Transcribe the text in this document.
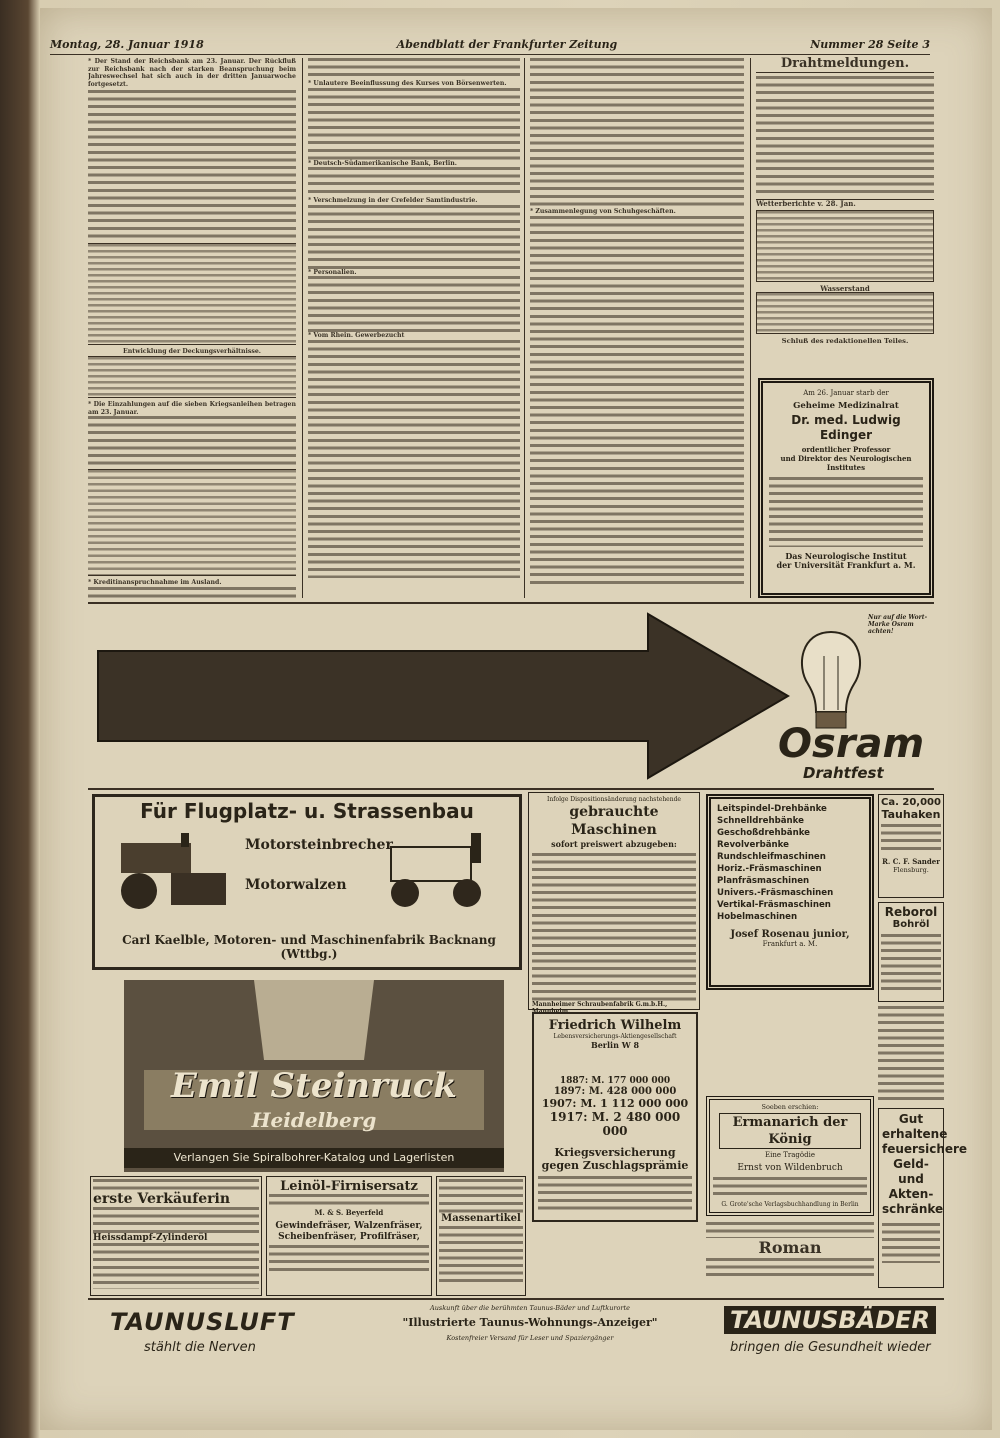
Montag, 28. Januar 1918	Abendblatt der Frankfurter Zeitung	Nummer 28 Seite 3
* Der Stand der Reichsbank am 23. Januar. Der Rückfluß zur Reichsbank nach der starken Beanspruchung beim Jahreswechsel hat sich auch in der dritten Januarwoche fortgesetzt.
Entwicklung der Deckungsverhältnisse.
* Die Einzahlungen auf die sieben Kriegsanleihen betragen am 23. Januar.
* Kreditinanspruchnahme im Ausland.
* Unlautere Beeinflussung des Kurses von Börsenwerten.
* Deutsch-Südamerikanische Bank, Berlin.
* Verschmelzung in der Crefelder Samtindustrie.
* Personalien.
* Vom Rhein. Gewerbezucht
* Zusammenlegung von Schuhgeschäften.
Drahtmeldungen.
Wetterberichte v. 28. Jan.
Wasserstand
Schluß des redaktionellen Teiles.
Am 26. Januar starb der
Geheime Medizinalrat
Dr. med. Ludwig Edinger
ordentlicher Professor
und Direktor des Neurologischen Institutes
Das Neurologische Institut
der Universität Frankfurt a. M.
Nur auf die Wort-Marke Osram achten!
Osram
Drahtfest
Für Flugplatz- u. Strassenbau
Motorsteinbrecher
Motorwalzen
Carl Kaelble, Motoren- und Maschinenfabrik Backnang (Wttbg.)
Emil Steinruck
Heidelberg
Verlangen Sie Spiralbohrer-Katalog und Lagerlisten
Infolge Dispositionsänderung nachstehende
gebrauchte Maschinen
sofort preiswert abzugeben:
Mannheimer Schraubenfabrik G.m.b.H., Mannheim.
Friedrich Wilhelm
Lebensversicherungs-Aktiengesellschaft
Berlin W 8
1887: M. 177 000 000
1897: M. 428 000 000
1907: M. 1 112 000 000
1917: M. 2 480 000 000
Kriegsversicherung
gegen Zuschlagsprämie
Leitspindel-Drehbänke
Schnelldrehbänke
Geschoßdrehbänke
Revolverbänke
Rundschleifmaschinen
Horiz.-Fräsmaschinen
Planfräsmaschinen
Univers.-Fräsmaschinen
Vertikal-Fräsmaschinen
Hobelmaschinen
Josef Rosenau junior,
Frankfurt a. M.
Ca. 20,000
Tauhaken
R. C. F. Sander
Flensburg.
Reborol
Bohröl
Soeben erschien:
Ermanarich der König
Eine Tragödie
Ernst von Wildenbruch
G. Grote'sche Verlagsbuchhandlung in Berlin
Roman
Gut erhaltene feuersichere Geld- und Akten-schränke
erste Verkäuferin
Heissdampf-Zylinderöl
Leinöl-Firnisersatz
M. & S. Beyerfeld
Gewindefräser, Walzenfräser, Scheibenfräser, Profilfräser,
Massenartikel
TAUNUSLUFT
stählt die Nerven
Auskunft über die berühmten Taunus-Bäder und Luftkurorte
"Illustrierte Taunus-Wohnungs-Anzeiger"
Kostenfreier Versand für Leser und Spaziergänger
TAUNUSBÄDER
bringen die Gesundheit wieder
